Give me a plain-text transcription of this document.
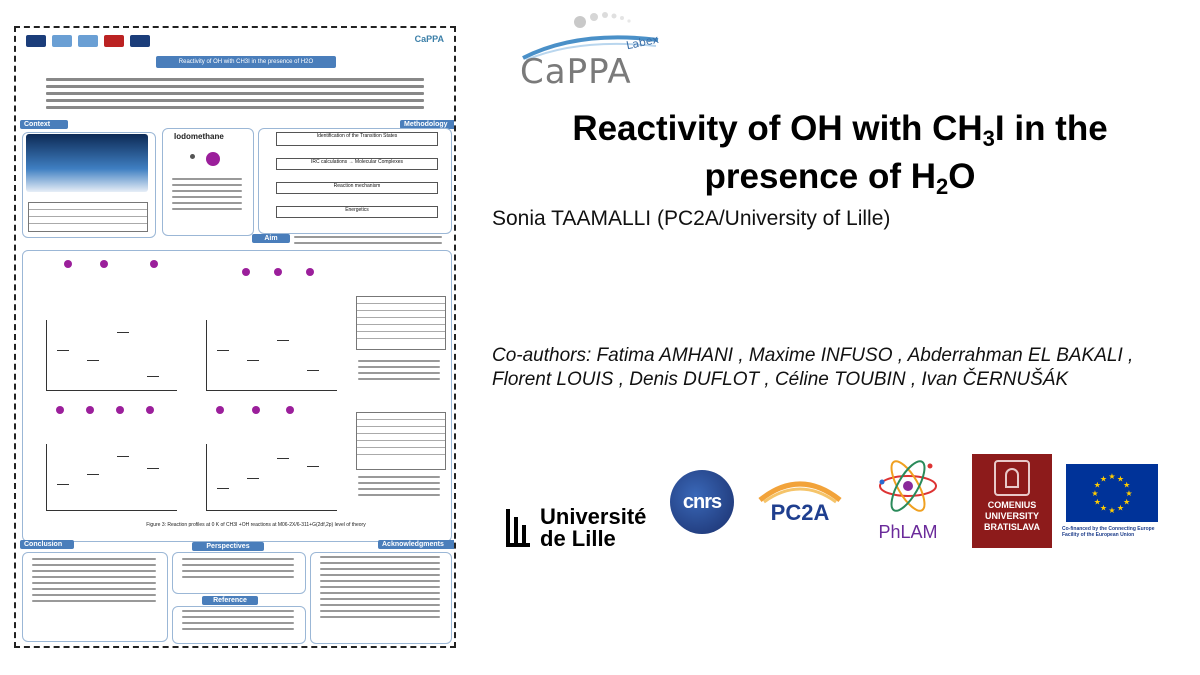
CaPPA
Reactivity of OH with CH3I in the presence of H2O
Context
Iodomethane
Methodology
Identification of the Transition States
IRC calculations → Molecular Complexes
Reaction mechanism
Energetics
Aim
Figure 3: Reaction profiles at 0 K of CH3I +OH reactions at M06-2X/6-311+G(2df,2p) level of theory
Conclusion	Perspectives
Reference
Acknowledgments
Labex
CaPPA
Reactivity of OH with $CH_3I$ in the
presence of $H_2O$
Sonia TAAMALLI (PC2A/University of Lille)
Co-authors: Fatima AMHANI , Maxime INFUSO , Abderrahman EL BAKALI ,
Florent LOUIS , Denis DUFLOT , Céline TOUBIN , Ivan ČERNUŠÁK
Université
de Lille
cnrs	PC2A
PhLAM
COMENIUS
UNIVERSITY
BRATISLAVA
★
★
★
★
★
★
★
★
★ ★ ★
★
Co-financed by the Connecting Europe Facility of the European Union
